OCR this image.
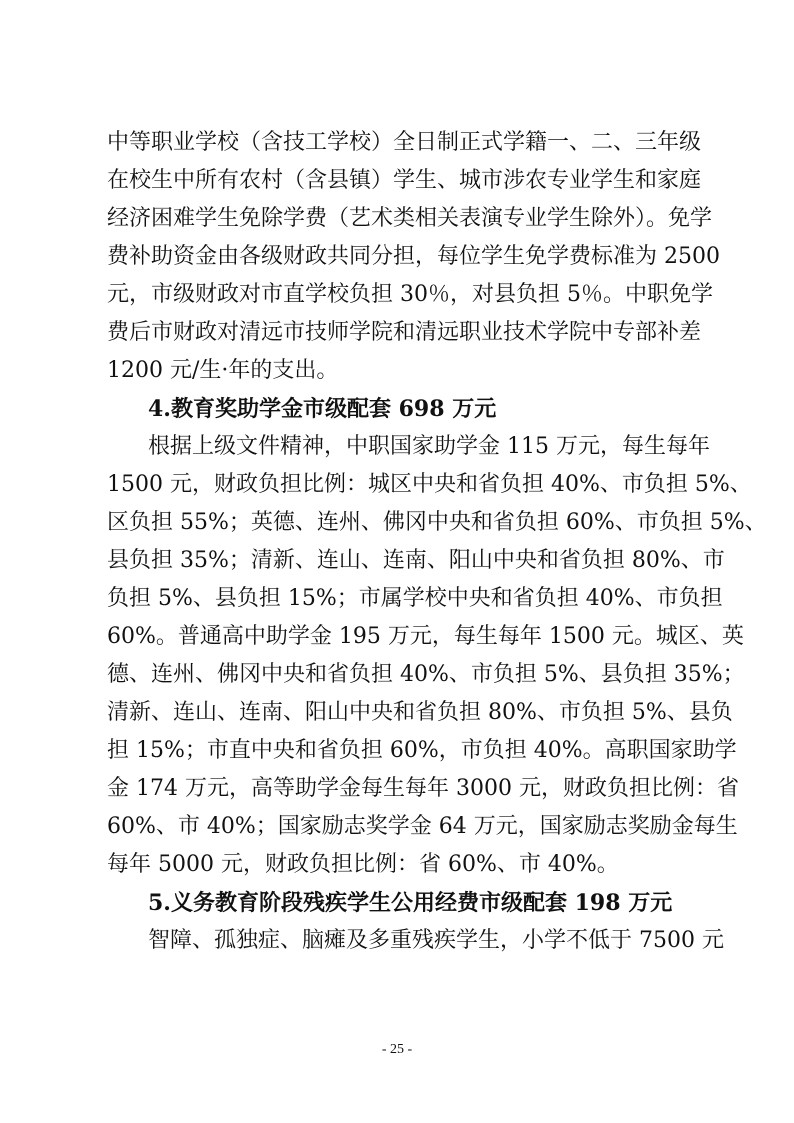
中等职业学校（含技工学校）全日制正式学籍一、二、三年级
在校生中所有农村（含县镇）学生、城市涉农专业学生和家庭
经济困难学生免除学费（艺术类相关表演专业学生除外）。免学
费补助资金由各级财政共同分担，每位学生免学费标准为 2500
元，市级财政对市直学校负担 30％，对县负担 5％。中职免学
费后市财政对清远市技师学院和清远职业技术学院中专部补差
1200 元/生·年的支出。
4.教育奖助学金市级配套 698 万元
根据上级文件精神，中职国家助学金 115 万元，每生每年
1500 元，财政负担比例：城区中央和省负担 40%、市负担 5%、
区负担 55%；英德、连州、佛冈中央和省负担 60%、市负担 5%、
县负担 35%；清新、连山、连南、阳山中央和省负担 80%、市
负担 5%、县负担 15%；市属学校中央和省负担 40%、市负担
60%。普通高中助学金 195 万元，每生每年 1500 元。城区、英
德、连州、佛冈中央和省负担 40%、市负担 5%、县负担 35%；
清新、连山、连南、阳山中央和省负担 80%、市负担 5%、县负
担 15%；市直中央和省负担 60%，市负担 40%。高职国家助学
金 174 万元，高等助学金每生每年 3000 元，财政负担比例：省
60%、市 40%；国家励志奖学金 64 万元，国家励志奖励金每生
每年 5000 元，财政负担比例：省 60%、市 40%。
5.义务教育阶段残疾学生公用经费市级配套 198 万元
智障、孤独症、脑瘫及多重残疾学生，小学不低于 7500 元
- 25 -
